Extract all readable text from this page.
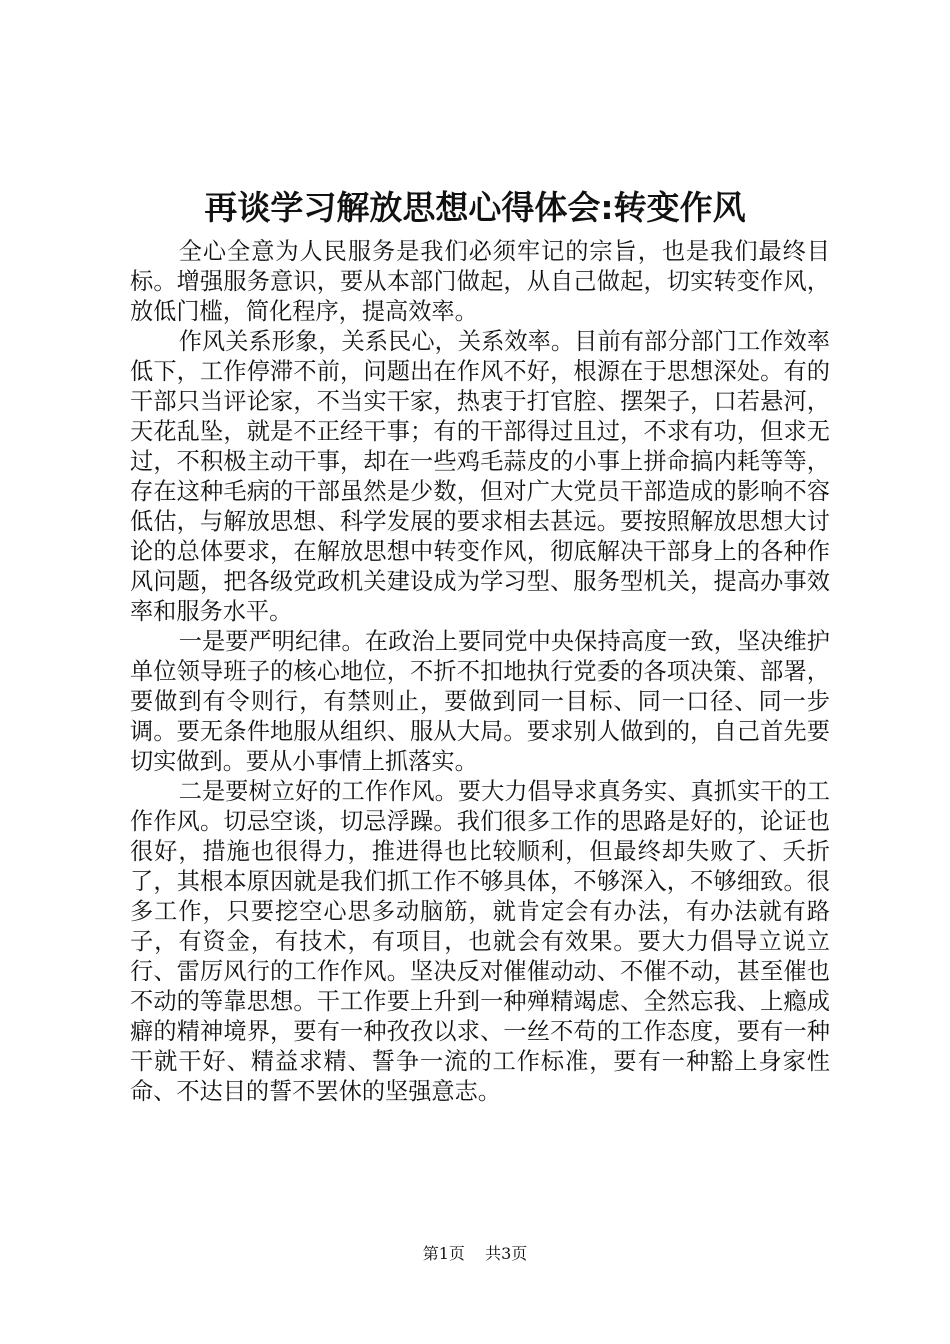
再谈学习解放思想心得体会:转变作风

全心全意为人民服务是我们必须牢记的宗旨，也是我们最终目标。增强服务意识，要从本部门做起，从自己做起，切实转变作风，放低门槛，简化程序，提高效率。

作风关系形象，关系民心，关系效率。目前有部分部门工作效率低下，工作停滞不前，问题出在作风不好，根源在于思想深处。有的干部只当评论家，不当实干家，热衷于打官腔、摆架子，口若悬河，天花乱坠，就是不正经干事；有的干部得过且过，不求有功，但求无过，不积极主动干事，却在一些鸡毛蒜皮的小事上拼命搞内耗等等，存在这种毛病的干部虽然是少数，但对广大党员干部造成的影响不容低估，与解放思想、科学发展的要求相去甚远。要按照解放思想大讨论的总体要求，在解放思想中转变作风，彻底解决干部身上的各种作风问题，把各级党政机关建设成为学习型、服务型机关，提高办事效率和服务水平。

一是要严明纪律。在政治上要同党中央保持高度一致，坚决维护单位领导班子的核心地位，不折不扣地执行党委的各项决策、部署，要做到有令则行，有禁则止，要做到同一目标、同一口径、同一步调。要无条件地服从组织、服从大局。要求别人做到的，自己首先要切实做到。要从小事情上抓落实。

二是要树立好的工作作风。要大力倡导求真务实、真抓实干的工作作风。切忌空谈，切忌浮躁。我们很多工作的思路是好的，论证也很好，措施也很得力，推进得也比较顺利，但最终却失败了、夭折了，其根本原因就是我们抓工作不够具体，不够深入，不够细致。很多工作，只要挖空心思多动脑筋，就肯定会有办法，有办法就有路子，有资金，有技术，有项目，也就会有效果。要大力倡导立说立行、雷厉风行的工作作风。坚决反对催催动动、不催不动，甚至催也不动的等靠思想。干工作要上升到一种殚精竭虑、全然忘我、上瘾成癖的精神境界，要有一种孜孜以求、一丝不苟的工作态度，要有一种干就干好、精益求精、誓争一流的工作标准，要有一种豁上身家性命、不达目的誓不罢休的坚强意志。

第1页 共3页
